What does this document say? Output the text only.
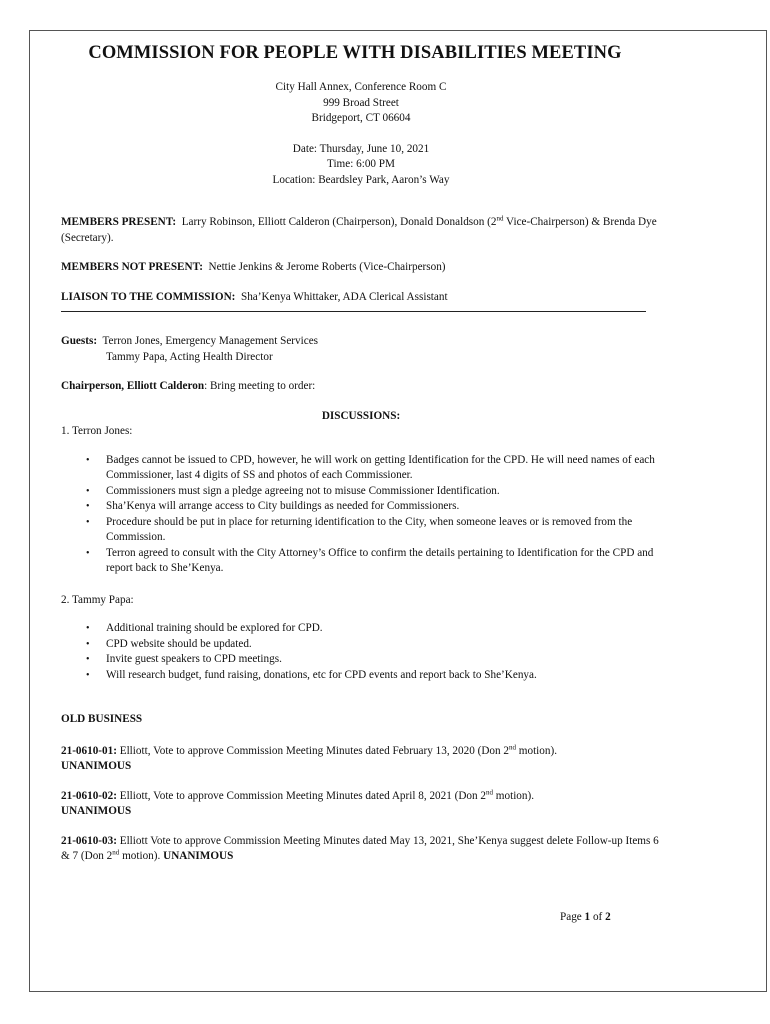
COMMISSION FOR PEOPLE WITH DISABILITIES MEETING
City Hall Annex, Conference Room C
999 Broad Street
Bridgeport, CT 06604
Date: Thursday, June 10, 2021
Time: 6:00 PM
Location: Beardsley Park, Aaron’s Way

MEMBERS PRESENT: Larry Robinson, Elliott Calderon (Chairperson), Donald Donaldson (2nd Vice-Chairperson) & Brenda Dye (Secretary).

MEMBERS NOT PRESENT: Nettie Jenkins & Jerome Roberts (Vice-Chairperson)

LIAISON TO THE COMMISSION: Sha’Kenya Whittaker, ADA Clerical Assistant

Guests: Terron Jones, Emergency Management Services
Tammy Papa, Acting Health Director

Chairperson, Elliott Calderon: Bring meeting to order:

DISCUSSIONS:
1. Terron Jones:
• Badges cannot be issued to CPD, however, he will work on getting Identification for the CPD. He will need names of each Commissioner, last 4 digits of SS and photos of each Commissioner.
• Commissioners must sign a pledge agreeing not to misuse Commissioner Identification.
• Sha’Kenya will arrange access to City buildings as needed for Commissioners.
• Procedure should be put in place for returning identification to the City, when someone leaves or is removed from the Commission.
• Terron agreed to consult with the City Attorney’s Office to confirm the details pertaining to Identification for the CPD and report back to She’Kenya.
2. Tammy Papa:
• Additional training should be explored for CPD.
• CPD website should be updated.
• Invite guest speakers to CPD meetings.
• Will research budget, fund raising, donations, etc for CPD events and report back to She’Kenya.
OLD BUSINESS

21-0610-01: Elliott, Vote to approve Commission Meeting Minutes dated February 13, 2020 (Don 2nd motion).
UNANIMOUS

21-0610-02: Elliott, Vote to approve Commission Meeting Minutes dated April 8, 2021 (Don 2nd motion).
UNANIMOUS

21-0610-03: Elliott Vote to approve Commission Meeting Minutes dated May 13, 2021, She’Kenya suggest delete Follow-up Items 6 & 7 (Don 2nd motion). UNANIMOUS

Page 1 of 2
